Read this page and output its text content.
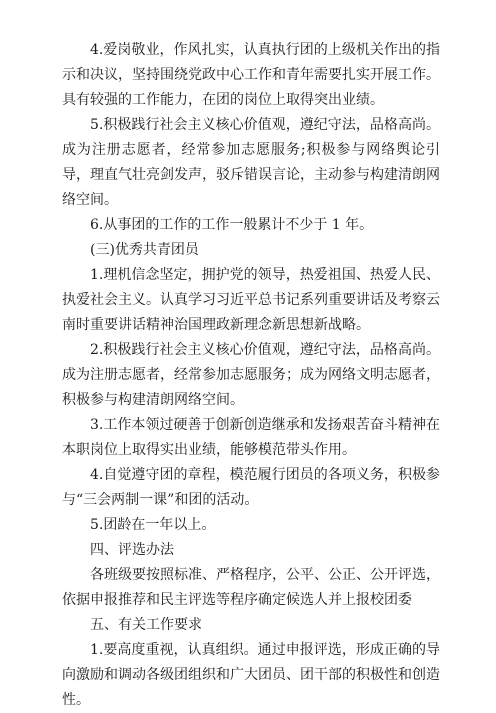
4.爱岗敬业，作风扎实，认真执行团的上级机关作出的指示和决议，坚持围绕党政中心工作和青年需要扎实开展工作。具有较强的工作能力，在团的岗位上取得突出业绩。

5.积极践行社会主义核心价值观，遵纪守法，品格高尚。成为注册志愿者，经常参加志愿服务;积极参与网络舆论引导，理直气壮亮剑发声，驳斥错误言论，主动参与构建清朗网络空间。

6.从事团的工作的工作一般累计不少于 1 年。

(三)优秀共青团员

1.理机信念坚定，拥护党的领导，热爱祖国、热爱人民、执爱社会主义。认真学习习近平总书记系列重要讲话及考察云南时重要讲话精神治国理政新理念新思想新战略。

2.积极践行社会主义核心价值观，遵纪守法，品格高尚。成为注册志愿者，经常参加志愿服务；成为网络文明志愿者，积极参与构建清朗网络空间。

3.工作本领过硬善于创新创造继承和发扬艰苦奋斗精神在本职岗位上取得实出业绩，能够模范带头作用。

4.自觉遵守团的章程，模范履行团员的各项义务，积极参与“三会两制一课”和团的活动。

5.团龄在一年以上。

四、评选办法

各班级要按照标准、严格程序，公平、公正、公开评选，依据申报推荐和民主评选等程序确定候选人并上报校团委

五、有关工作要求

1.要高度重视，认真组织。通过申报评选，形成正确的导向激励和调动各级团组织和广大团员、团干部的积极性和创造性。
